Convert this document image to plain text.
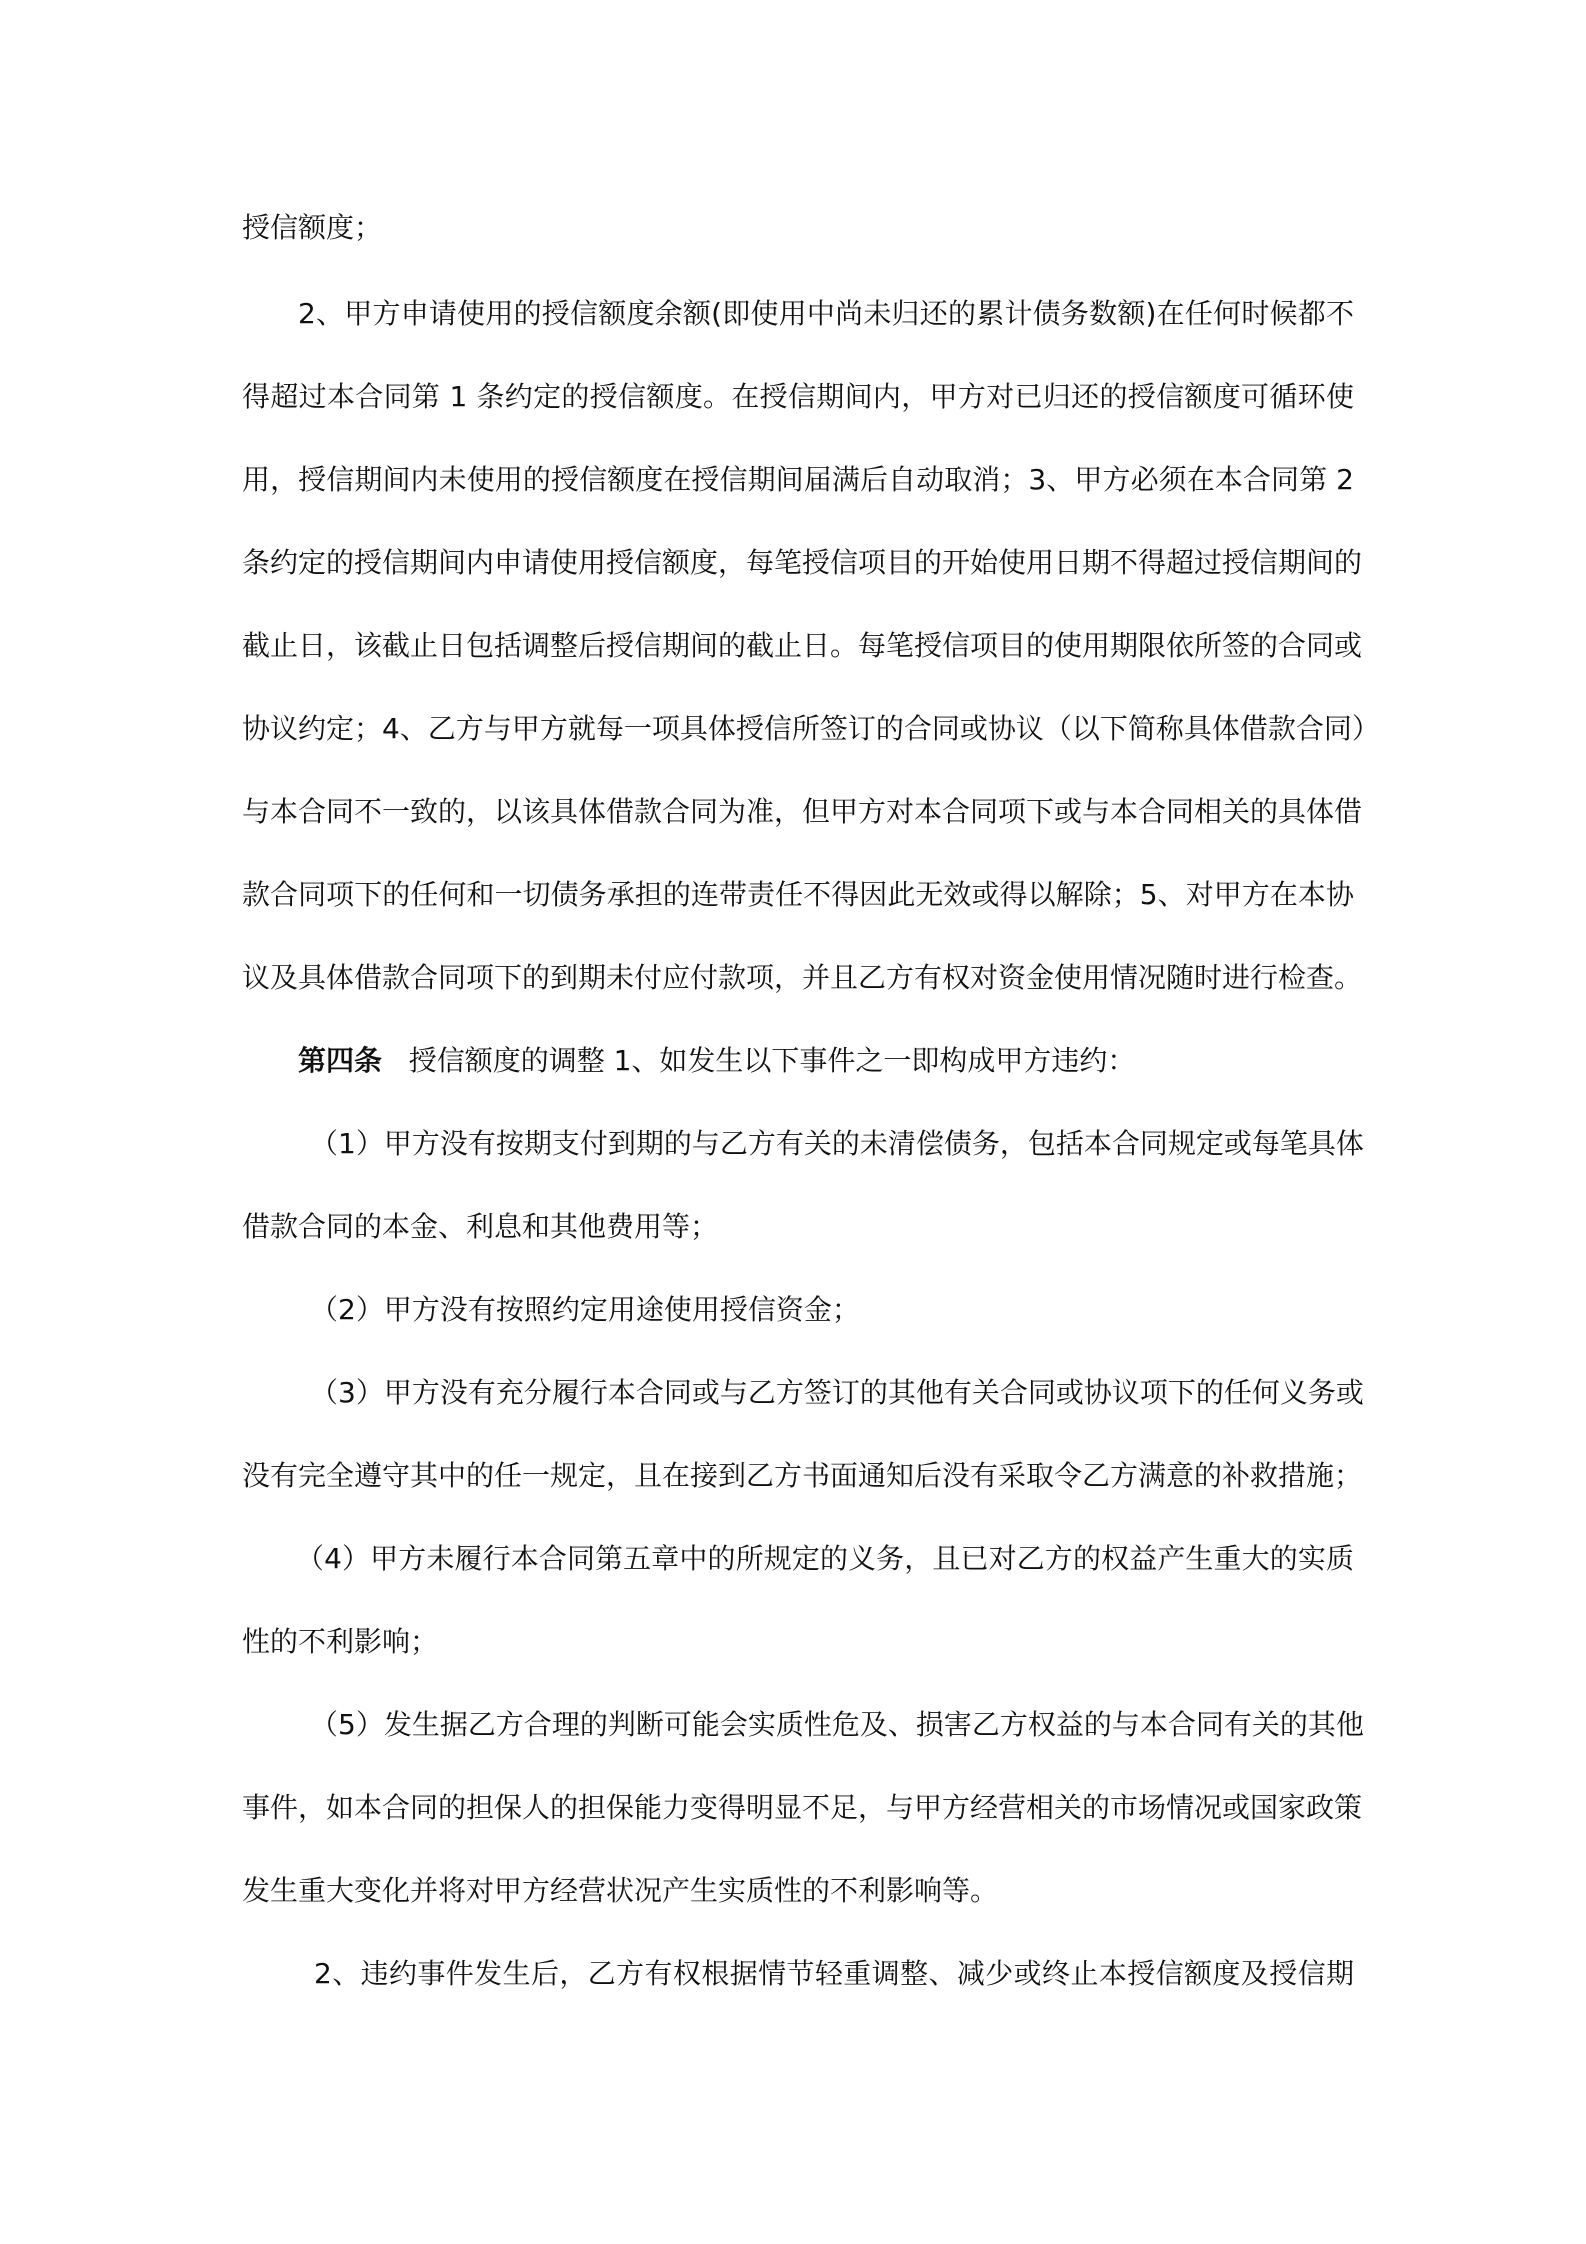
授信额度；
2、甲方申请使用的授信额度余额(即使用中尚未归还的累计债务数额)在任何时候都不
得超过本合同第 1 条约定的授信额度。在授信期间内，甲方对已归还的授信额度可循环使
用，授信期间内未使用的授信额度在授信期间届满后自动取消；3、甲方必须在本合同第 2
条约定的授信期间内申请使用授信额度，每笔授信项目的开始使用日期不得超过授信期间的
截止日，该截止日包括调整后授信期间的截止日。每笔授信项目的使用期限依所签的合同或
协议约定；4、乙方与甲方就每一项具体授信所签订的合同或协议（以下简称具体借款合同）
与本合同不一致的，以该具体借款合同为准，但甲方对本合同项下或与本合同相关的具体借
款合同项下的任何和一切债务承担的连带责任不得因此无效或得以解除；5、对甲方在本协
议及具体借款合同项下的到期未付应付款项，并且乙方有权对资金使用情况随时进行检查。
第四条 授信额度的调整 1、如发生以下事件之一即构成甲方违约：
（1）甲方没有按期支付到期的与乙方有关的未清偿债务，包括本合同规定或每笔具体
借款合同的本金、利息和其他费用等；
（2）甲方没有按照约定用途使用授信资金；
（3）甲方没有充分履行本合同或与乙方签订的其他有关合同或协议项下的任何义务或
没有完全遵守其中的任一规定，且在接到乙方书面通知后没有采取令乙方满意的补救措施；
（4）甲方未履行本合同第五章中的所规定的义务，且已对乙方的权益产生重大的实质
性的不利影响；
（5）发生据乙方合理的判断可能会实质性危及、损害乙方权益的与本合同有关的其他
事件，如本合同的担保人的担保能力变得明显不足，与甲方经营相关的市场情况或国家政策
发生重大变化并将对甲方经营状况产生实质性的不利影响等。
2、违约事件发生后，乙方有权根据情节轻重调整、减少或终止本授信额度及授信期
